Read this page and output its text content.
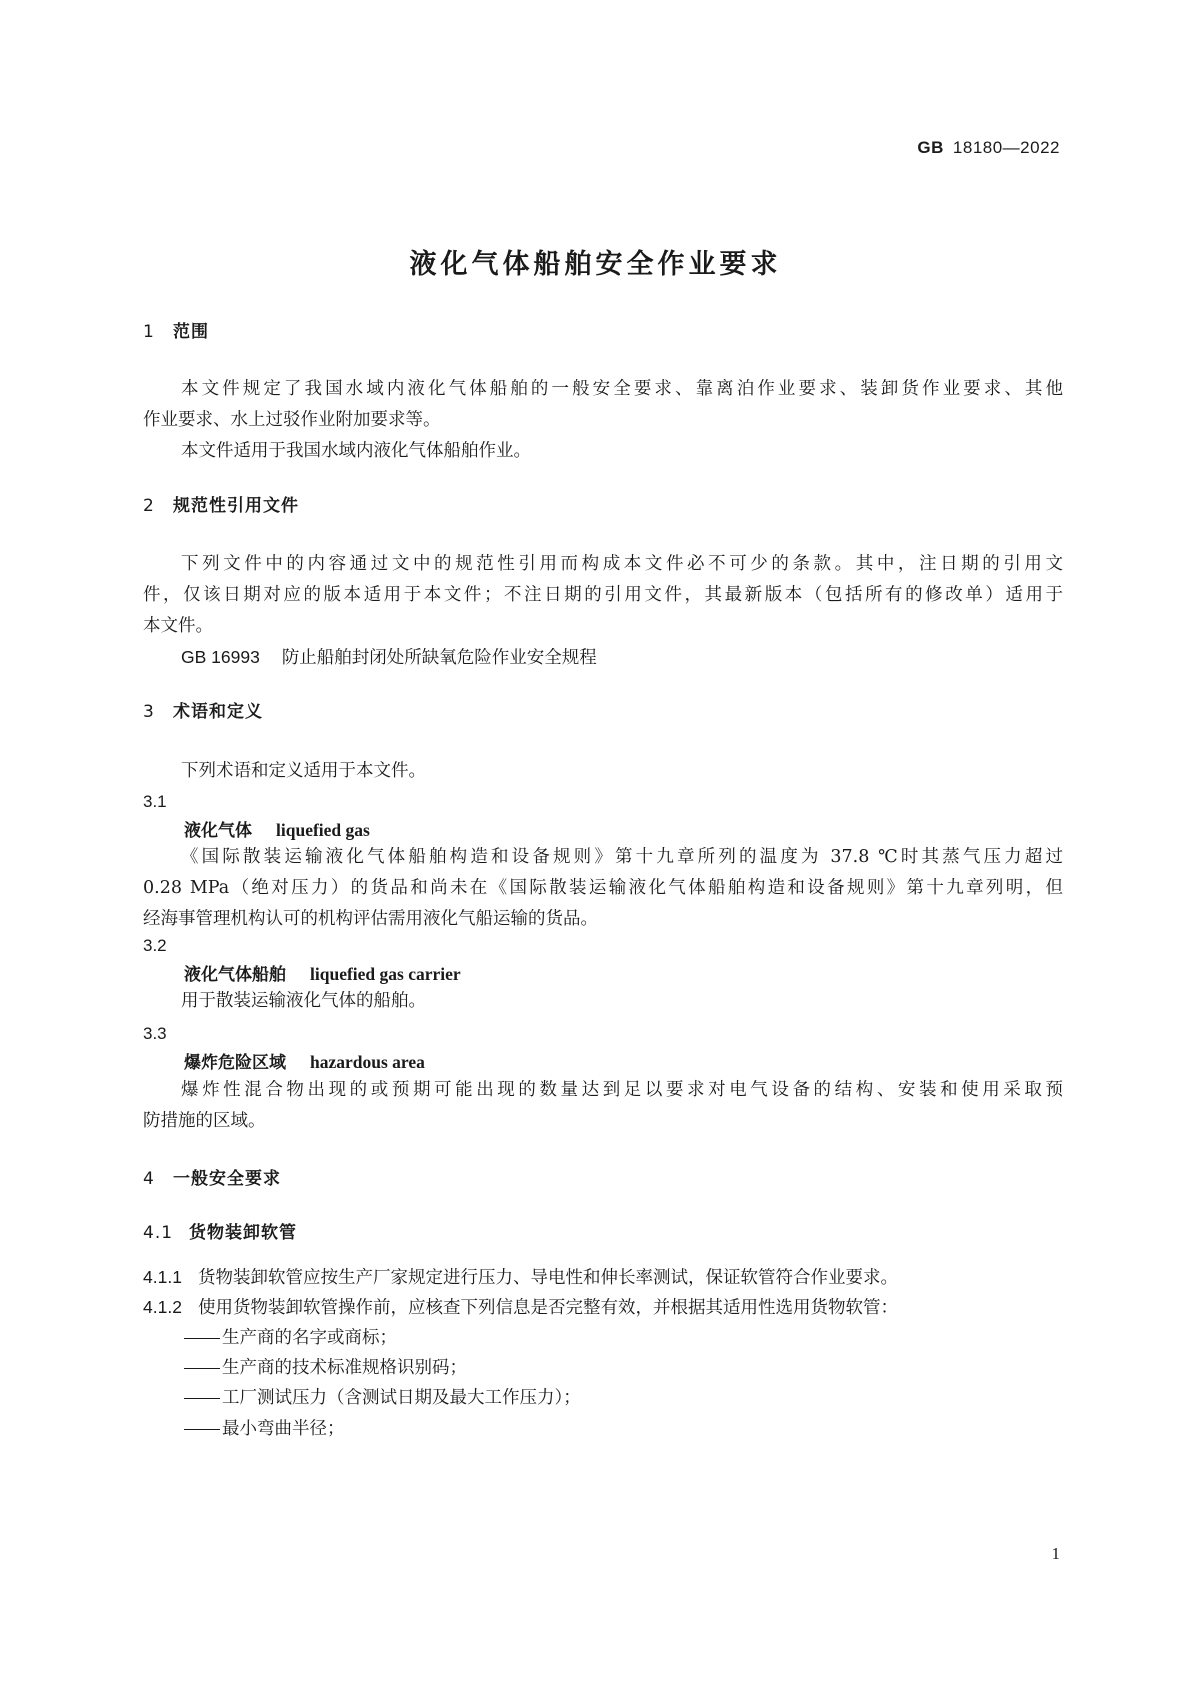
GB 18180—2022
液化气体船舶安全作业要求
1 范围

本文件规定了我国水域内液化气体船舶的一般安全要求、靠离泊作业要求、装卸货作业要求、其他

作业要求、水上过驳作业附加要求等。

本文件适用于我国水域内液化气体船舶作业。

2 规范性引用文件

下列文件中的内容通过文中的规范性引用而构成本文件必不可少的条款。其中，注日期的引用文

件，仅该日期对应的版本适用于本文件；不注日期的引用文件，其最新版本（包括所有的修改单）适用于

本文件。

GB 16993 防止船舶封闭处所缺氧危险作业安全规程

3 术语和定义

下列术语和定义适用于本文件。

3.1
液化气体 liquefied gas

《国际散装运输液化气体船舶构造和设备规则》第十九章所列的温度为 37.8 ℃时其蒸气压力超过

0.28 MPa（绝对压力）的货品和尚未在《国际散装运输液化气体船舶构造和设备规则》第十九章列明，但

经海事管理机构认可的机构评估需用液化气船运输的货品。

3.2
液化气体船舶 liquefied gas carrier

用于散装运输液化气体的船舶。

3.3
爆炸危险区域 hazardous area

爆炸性混合物出现的或预期可能出现的数量达到足以要求对电气设备的结构、安装和使用采取预

防措施的区域。

4 一般安全要求
4.1 货物装卸软管
4.1.1 货物装卸软管应按生产厂家规定进行压力、导电性和伸长率测试，保证软管符合作业要求。
4.1.2 使用货物装卸软管操作前，应核查下列信息是否完整有效，并根据其适用性选用货物软管：
生产商的名字或商标；
生产商的技术标准规格识别码；
工厂测试压力（含测试日期及最大工作压力）；
最小弯曲半径；
1
